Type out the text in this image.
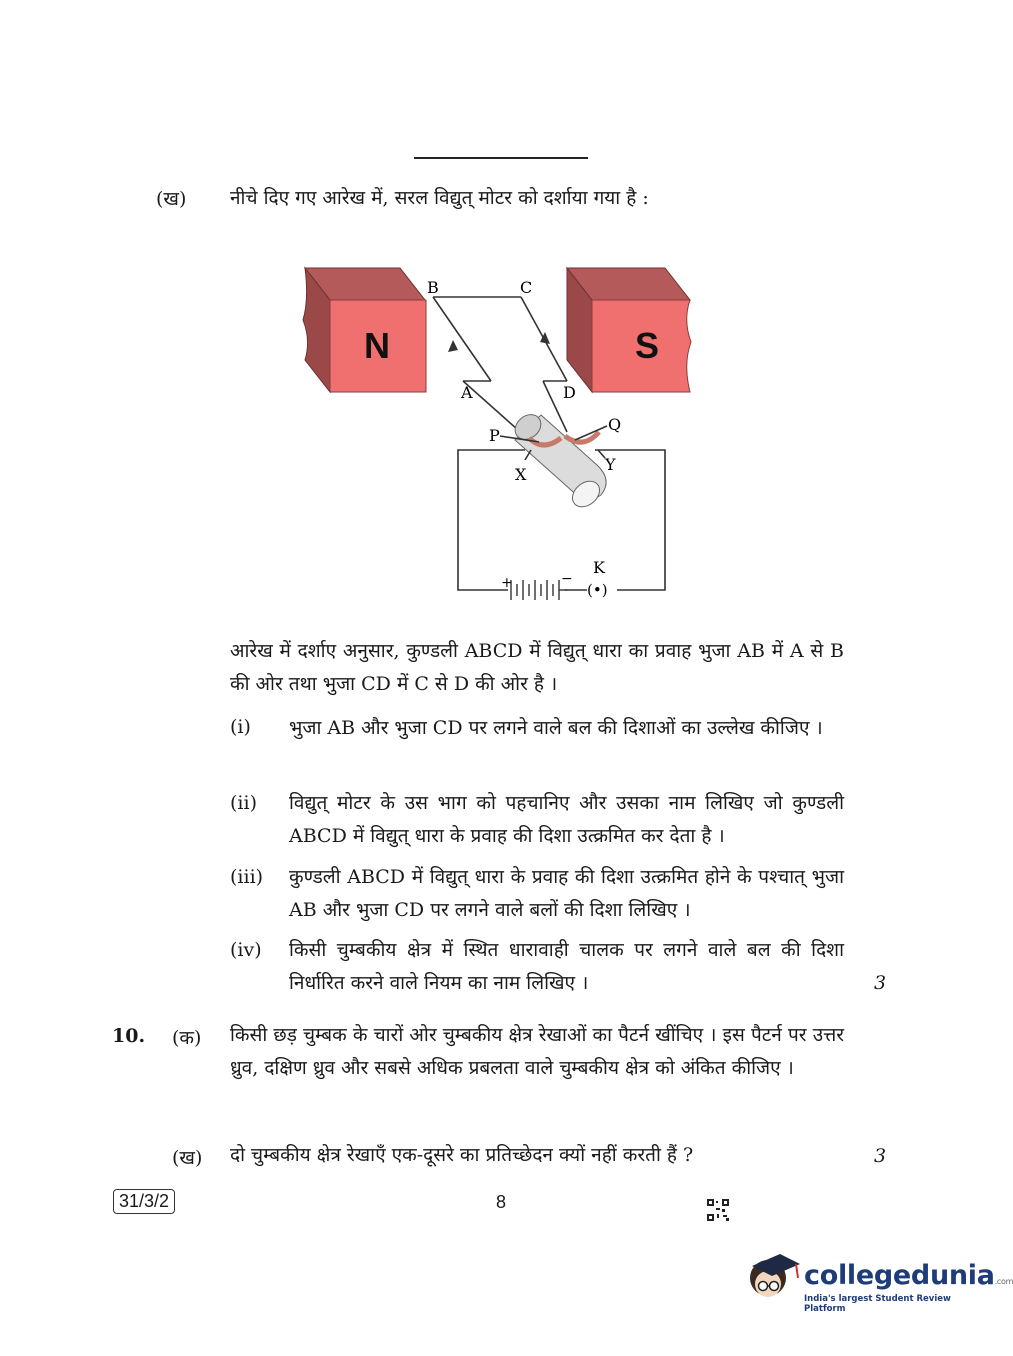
(ख) नीचे दिए गए आरेख में, सरल विद्युत् मोटर को दर्शाया गया है :
N	S
+	−
(•)
B	C
A	D
P
Q
X
Y
K
आरेख में दर्शाए अनुसार, कुण्डली ABCD में विद्युत् धारा का प्रवाह भुजा AB में A से B की ओर तथा भुजा CD में C से D की ओर है ।
(i) भुजा AB और भुजा CD पर लगने वाले बल की दिशाओं का उल्लेख कीजिए ।
(ii) विद्युत् मोटर के उस भाग को पहचानिए और उसका नाम लिखिए जो कुण्डली ABCD में विद्युत् धारा के प्रवाह की दिशा उत्क्रमित कर देता है ।
(iii) कुण्डली ABCD में विद्युत् धारा के प्रवाह की दिशा उत्क्रमित होने के पश्चात् भुजा AB और भुजा CD पर लगने वाले बलों की दिशा लिखिए ।
(iv) किसी चुम्बकीय क्षेत्र में स्थित धारावाही चालक पर लगने वाले बल की दिशा निर्धारित करने वाले नियम का नाम लिखिए ।	3
10. (क) किसी छड़ चुम्बक के चारों ओर चुम्बकीय क्षेत्र रेखाओं का पैटर्न खींचिए । इस पैटर्न पर उत्तर ध्रुव, दक्षिण ध्रुव और सबसे अधिक प्रबलता वाले चुम्बकीय क्षेत्र को अंकित कीजिए ।
(ख) दो चुम्बकीय क्षेत्र रेखाएँ एक-दूसरे का प्रतिच्छेदन क्यों नहीं करती हैं ?	3
31/3/2	8
collegedunia.com
India's largest Student Review Platform
